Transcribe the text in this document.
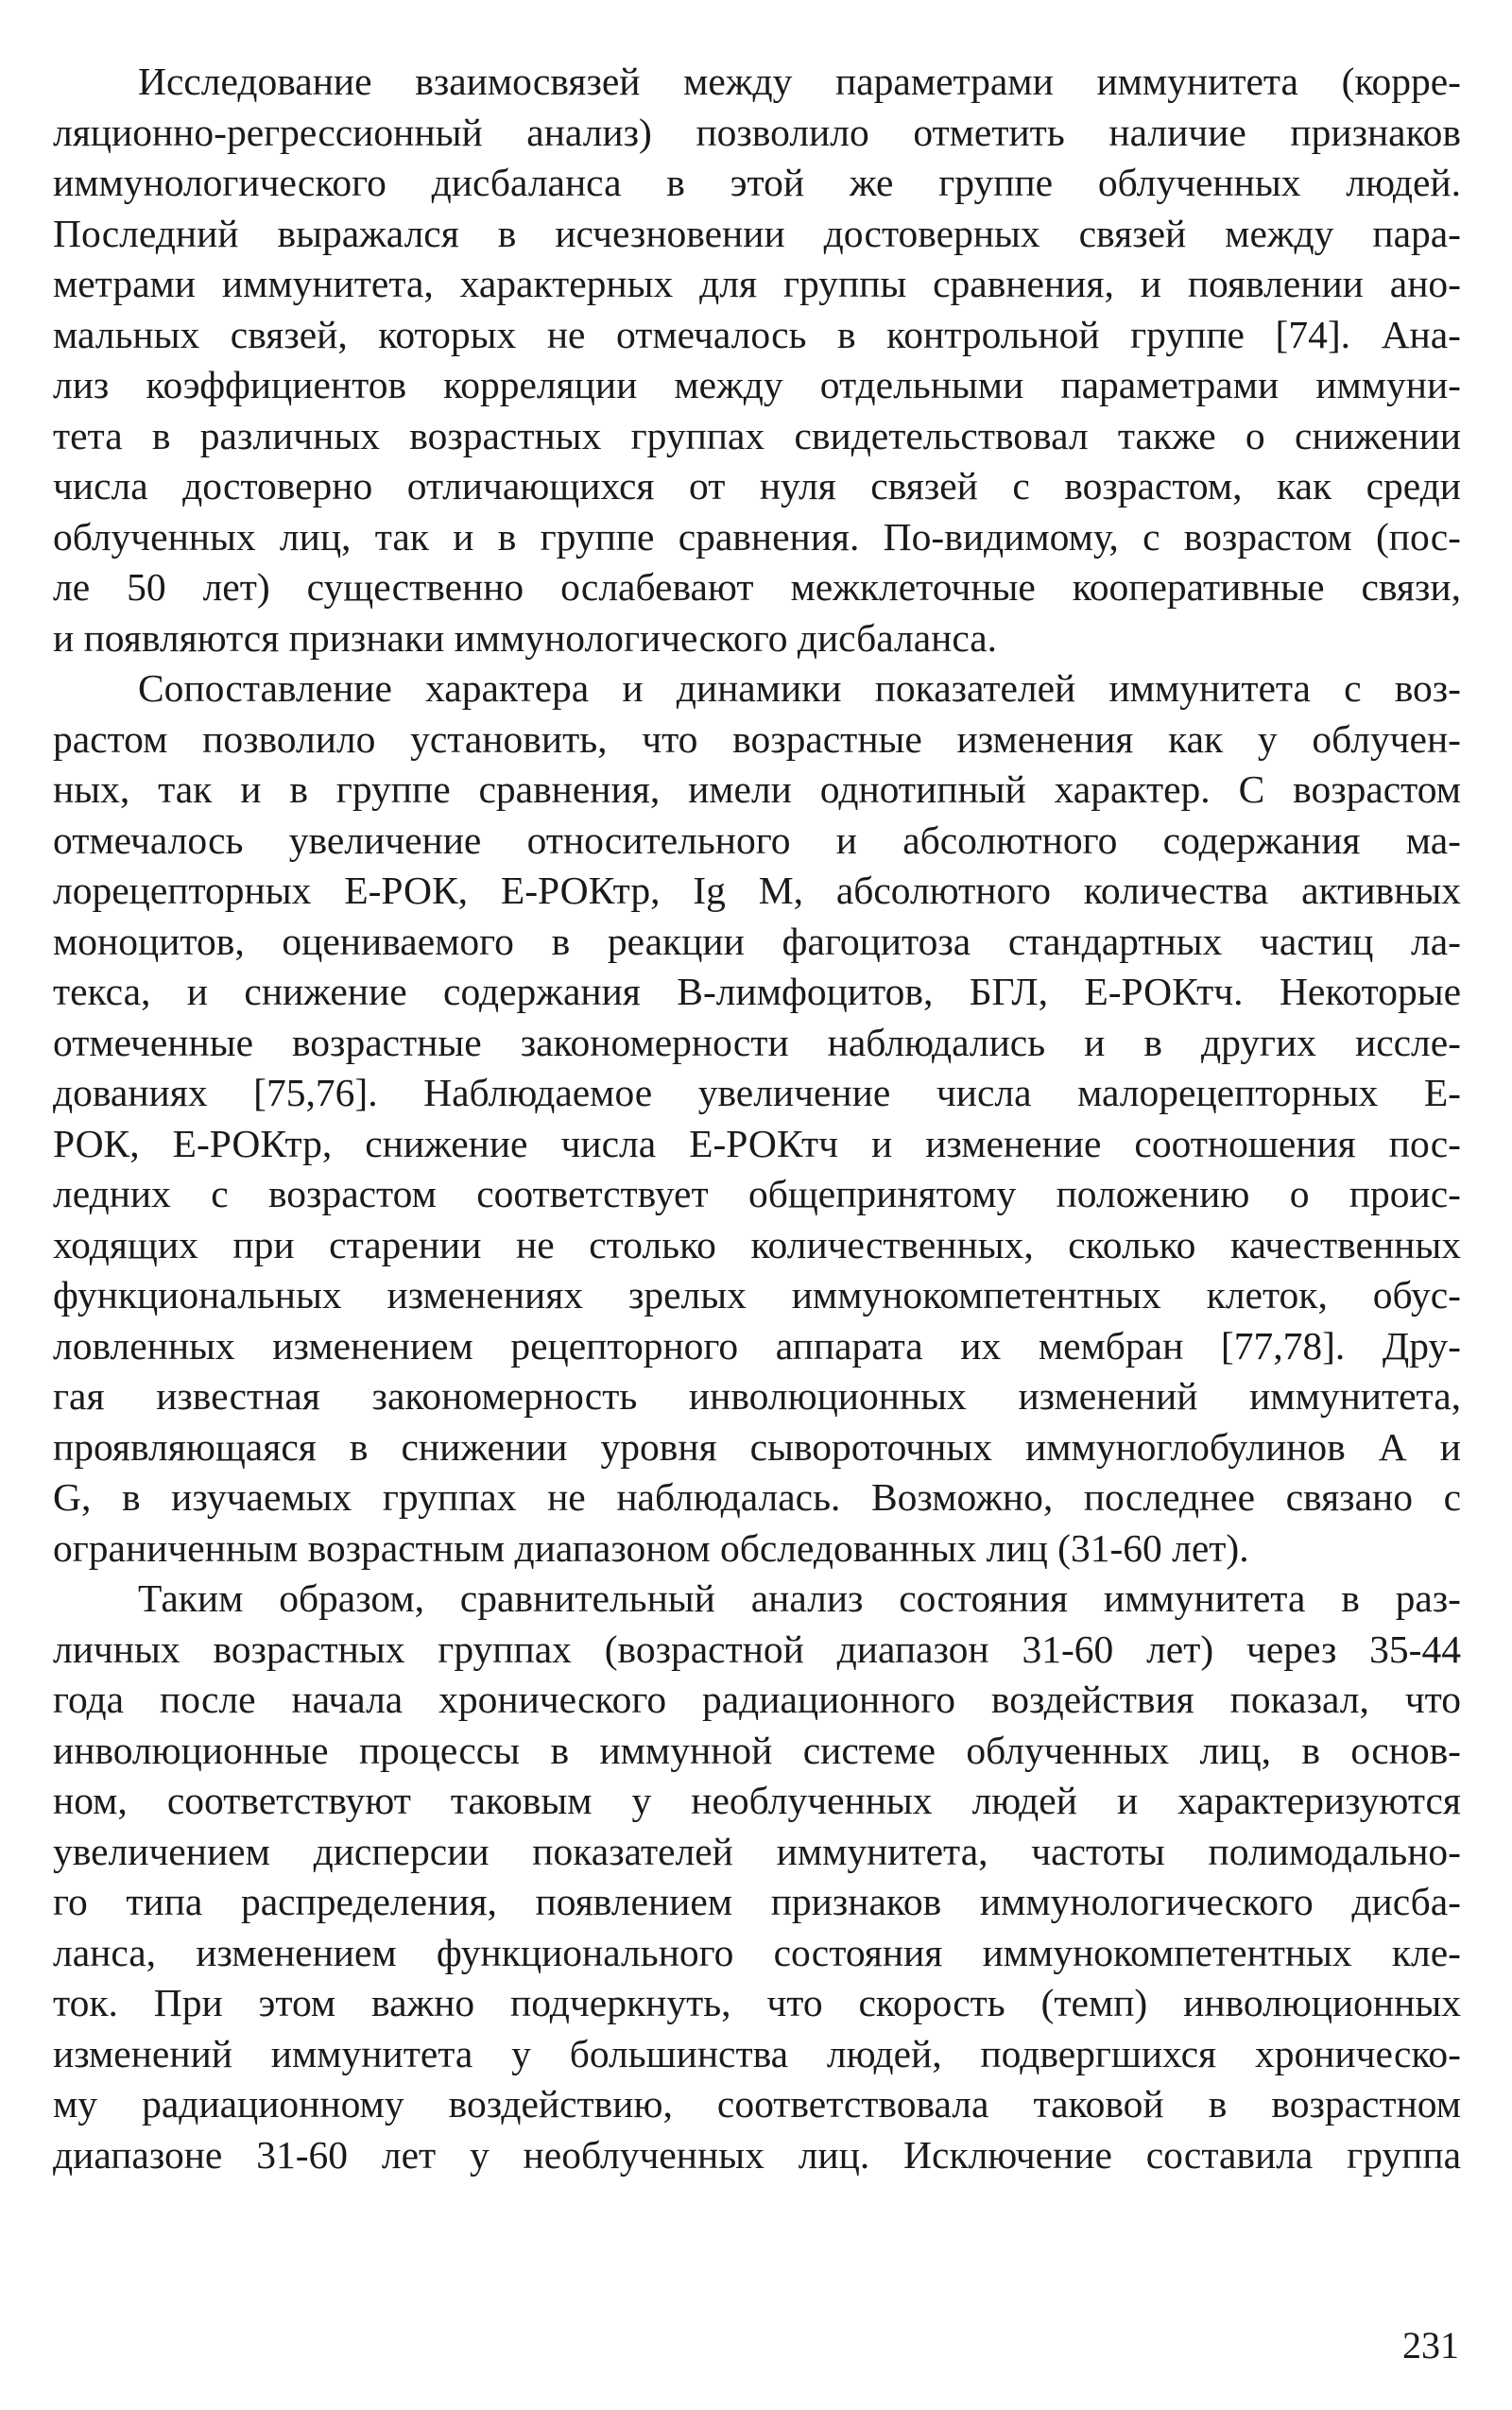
Исследование взаимосвязей между параметрами иммунитета (корре-
ляционно-регрессионный анализ) позволило отметить наличие признаков
иммунологического дисбаланса в этой же группе облученных людей.
Последний выражался в исчезновении достоверных связей между пара-
метрами иммунитета, характерных для группы сравнения, и появлении ано-
мальных связей, которых не отмечалось в контрольной группе [74]. Ана-
лиз коэффициентов корреляции между отдельными параметрами иммуни-
тета в различных возрастных группах свидетельствовал также о снижении
числа достоверно отличающихся от нуля связей с возрастом, как среди
облученных лиц, так и в группе сравнения. По-видимому, с возрастом (пос-
ле 50 лет) существенно ослабевают межклеточные кооперативные связи,
и появляются признаки иммунологического дисбаланса.

Сопоставление характера и динамики показателей иммунитета с воз-
растом позволило установить, что возрастные изменения как у облучен-
ных, так и в группе сравнения, имели однотипный характер. С возрастом
отмечалось увеличение относительного и абсолютного содержания ма-
лорецепторных Е-РОК, Е-РОКтр, Ig M, абсолютного количества активных
моноцитов, оцениваемого в реакции фагоцитоза стандартных частиц ла-
текса, и снижение содержания В-лимфоцитов, БГЛ, Е-РОКтч. Некоторые
отмеченные возрастные закономерности наблюдались и в других иссле-
дованиях [75,76]. Наблюдаемое увеличение числа малорецепторных Е-
РОК, Е-РОКтр, снижение числа Е-РОКтч и изменение соотношения пос-
ледних с возрастом соответствует общепринятому положению о проис-
ходящих при старении не столько количественных, сколько качественных
функциональных изменениях зрелых иммунокомпетентных клеток, обус-
ловленных изменением рецепторного аппарата их мембран [77,78]. Дру-
гая известная закономерность инволюционных изменений иммунитета,
проявляющаяся в снижении уровня сывороточных иммуноглобулинов А и
G, в изучаемых группах не наблюдалась. Возможно, последнее связано с
ограниченным возрастным диапазоном обследованных лиц (31-60 лет).

Таким образом, сравнительный анализ состояния иммунитета в раз-
личных возрастных группах (возрастной диапазон 31-60 лет) через 35-44
года после начала хронического радиационного воздействия показал, что
инволюционные процессы в иммунной системе облученных лиц, в основ-
ном, соответствуют таковым у необлученных людей и характеризуются
увеличением дисперсии показателей иммунитета, частоты полимодально-
го типа распределения, появлением признаков иммунологического дисба-
ланса, изменением функционального состояния иммунокомпетентных кле-
ток. При этом важно подчеркнуть, что скорость (темп) инволюционных
изменений иммунитета у большинства людей, подвергшихся хроническо-
му радиационному воздействию, соответствовала таковой в возрастном
диапазоне 31-60 лет у необлученных лиц. Исключение составила группа

231
